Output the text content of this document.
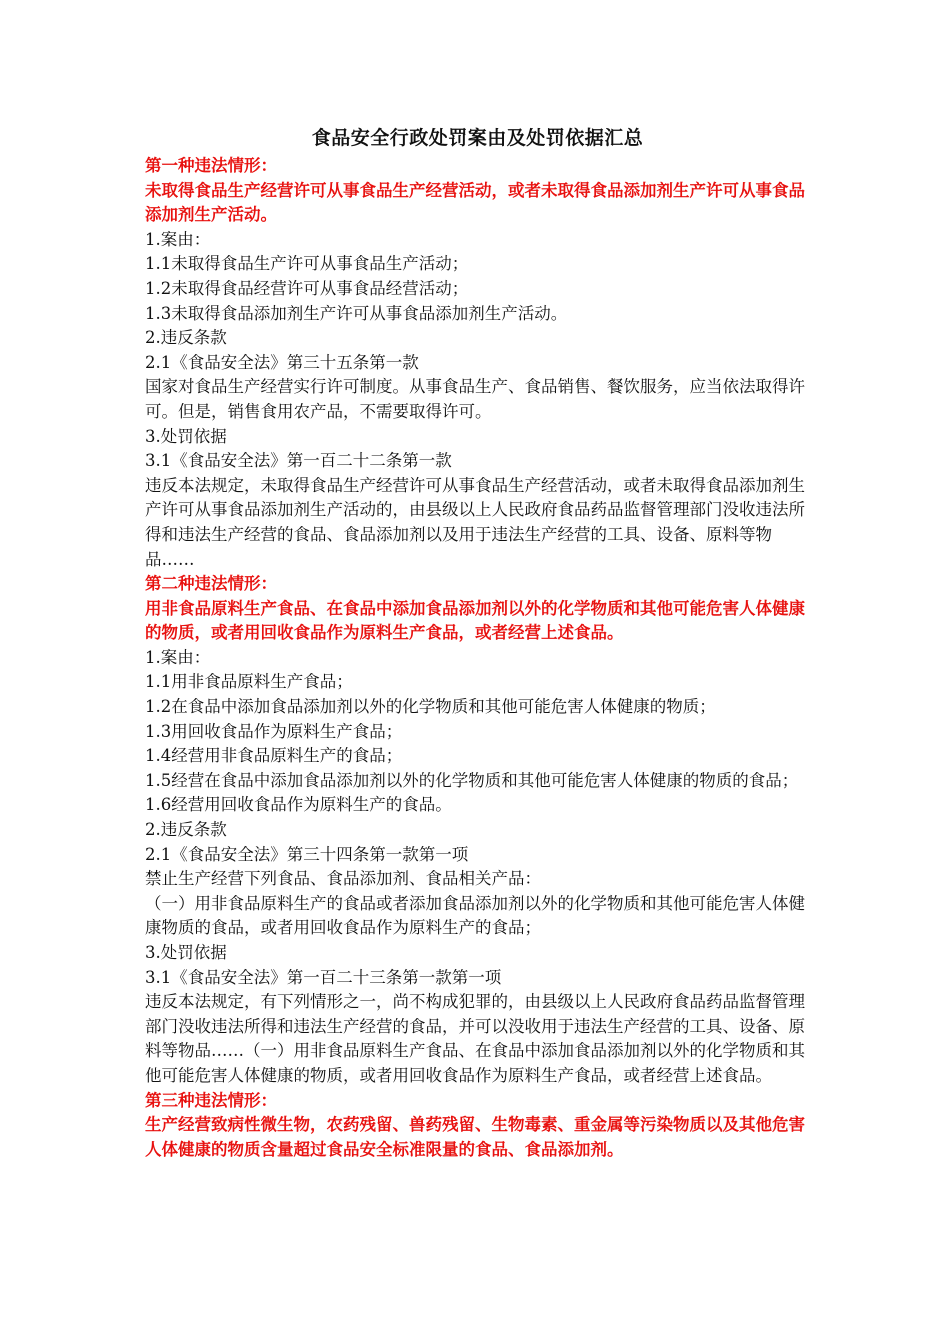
食品安全行政处罚案由及处罚依据汇总
第一种违法情形：
未取得食品生产经营许可从事食品生产经营活动，或者未取得食品添加剂生产许可从事食品添加剂生产活动。
1.案由：
1.1未取得食品生产许可从事食品生产活动；
1.2未取得食品经营许可从事食品经营活动；
1.3未取得食品添加剂生产许可从事食品添加剂生产活动。
2.违反条款
2.1《食品安全法》第三十五条第一款
国家对食品生产经营实行许可制度。从事食品生产、食品销售、餐饮服务，应当依法取得许可。但是，销售食用农产品，不需要取得许可。
3.处罚依据
3.1《食品安全法》第一百二十二条第一款
违反本法规定，未取得食品生产经营许可从事食品生产经营活动，或者未取得食品添加剂生产许可从事食品添加剂生产活动的，由县级以上人民政府食品药品监督管理部门没收违法所得和违法生产经营的食品、食品添加剂以及用于违法生产经营的工具、设备、原料等物品……
第二种违法情形：
用非食品原料生产食品、在食品中添加食品添加剂以外的化学物质和其他可能危害人体健康的物质，或者用回收食品作为原料生产食品，或者经营上述食品。
1.案由：
1.1用非食品原料生产食品；
1.2在食品中添加食品添加剂以外的化学物质和其他可能危害人体健康的物质；
1.3用回收食品作为原料生产食品；
1.4经营用非食品原料生产的食品；
1.5经营在食品中添加食品添加剂以外的化学物质和其他可能危害人体健康的物质的食品；
1.6经营用回收食品作为原料生产的食品。
2.违反条款
2.1《食品安全法》第三十四条第一款第一项
禁止生产经营下列食品、食品添加剂、食品相关产品：
（一）用非食品原料生产的食品或者添加食品添加剂以外的化学物质和其他可能危害人体健康物质的食品，或者用回收食品作为原料生产的食品；
3.处罚依据
3.1《食品安全法》第一百二十三条第一款第一项
违反本法规定，有下列情形之一，尚不构成犯罪的，由县级以上人民政府食品药品监督管理部门没收违法所得和违法生产经营的食品，并可以没收用于违法生产经营的工具、设备、原料等物品……（一）用非食品原料生产食品、在食品中添加食品添加剂以外的化学物质和其他可能危害人体健康的物质，或者用回收食品作为原料生产食品，或者经营上述食品。
第三种违法情形：
生产经营致病性微生物，农药残留、兽药残留、生物毒素、重金属等污染物质以及其他危害人体健康的物质含量超过食品安全标准限量的食品、食品添加剂。
